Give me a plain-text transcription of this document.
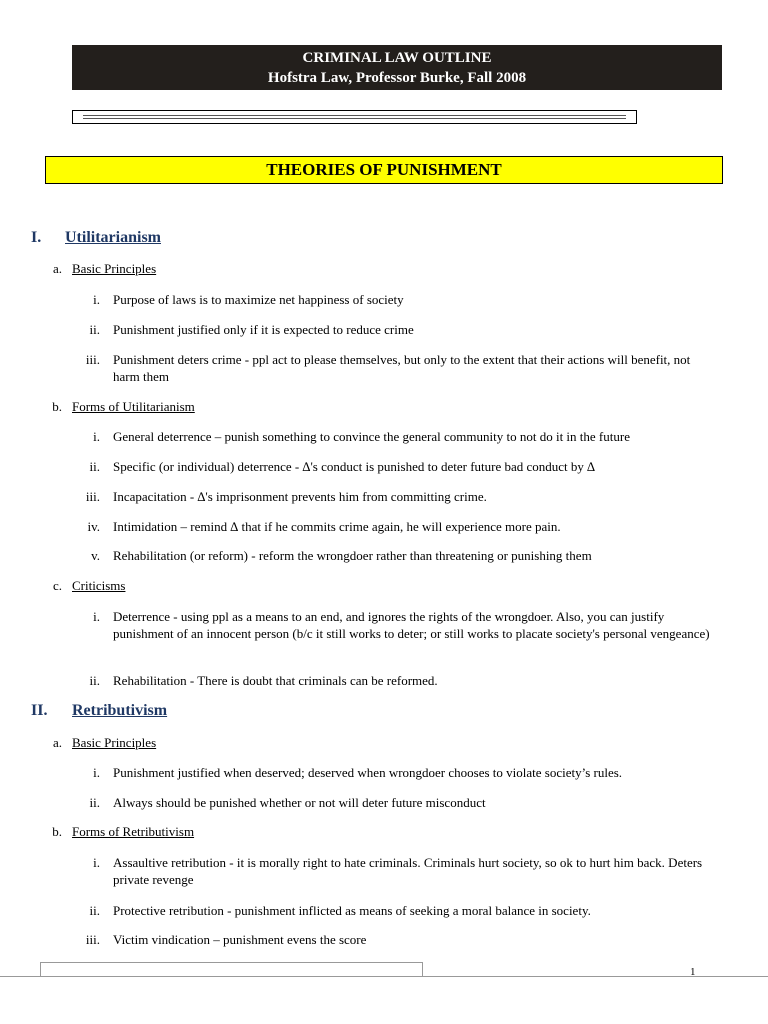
CRIMINAL LAW OUTLINE
Hofstra Law, Professor Burke, Fall 2008
THEORIES OF PUNISHMENT
I. Utilitarianism
a. Basic Principles
i. Purpose of laws is to maximize net happiness of society
ii. Punishment justified only if it is expected to reduce crime
iii. Punishment deters crime - ppl act to please themselves, but only to the extent that their actions will benefit, not harm them
b. Forms of Utilitarianism
i. General deterrence – punish something to convince the general community to not do it in the future
ii. Specific (or individual) deterrence - ∆'s conduct is punished to deter future bad conduct by ∆
iii. Incapacitation - ∆'s imprisonment prevents him from committing crime.
iv. Intimidation – remind ∆ that if he commits crime again, he will experience more pain.
v. Rehabilitation (or reform) - reform the wrongdoer rather than threatening or punishing them
c. Criticisms
i. Deterrence - using ppl as a means to an end, and ignores the rights of the wrongdoer. Also, you can justify punishment of an innocent person (b/c it still works to deter; or still works to placate society's personal vengeance)
ii. Rehabilitation - There is doubt that criminals can be reformed.
II. Retributivism
a. Basic Principles
i. Punishment justified when deserved; deserved when wrongdoer chooses to violate society’s rules.
ii. Always should be punished whether or not will deter future misconduct
b. Forms of Retributivism
i. Assaultive retribution - it is morally right to hate criminals. Criminals hurt society, so ok to hurt him back. Deters private revenge
ii. Protective retribution - punishment inflicted as means of seeking a moral balance in society.
iii. Victim vindication – punishment evens the score
1
